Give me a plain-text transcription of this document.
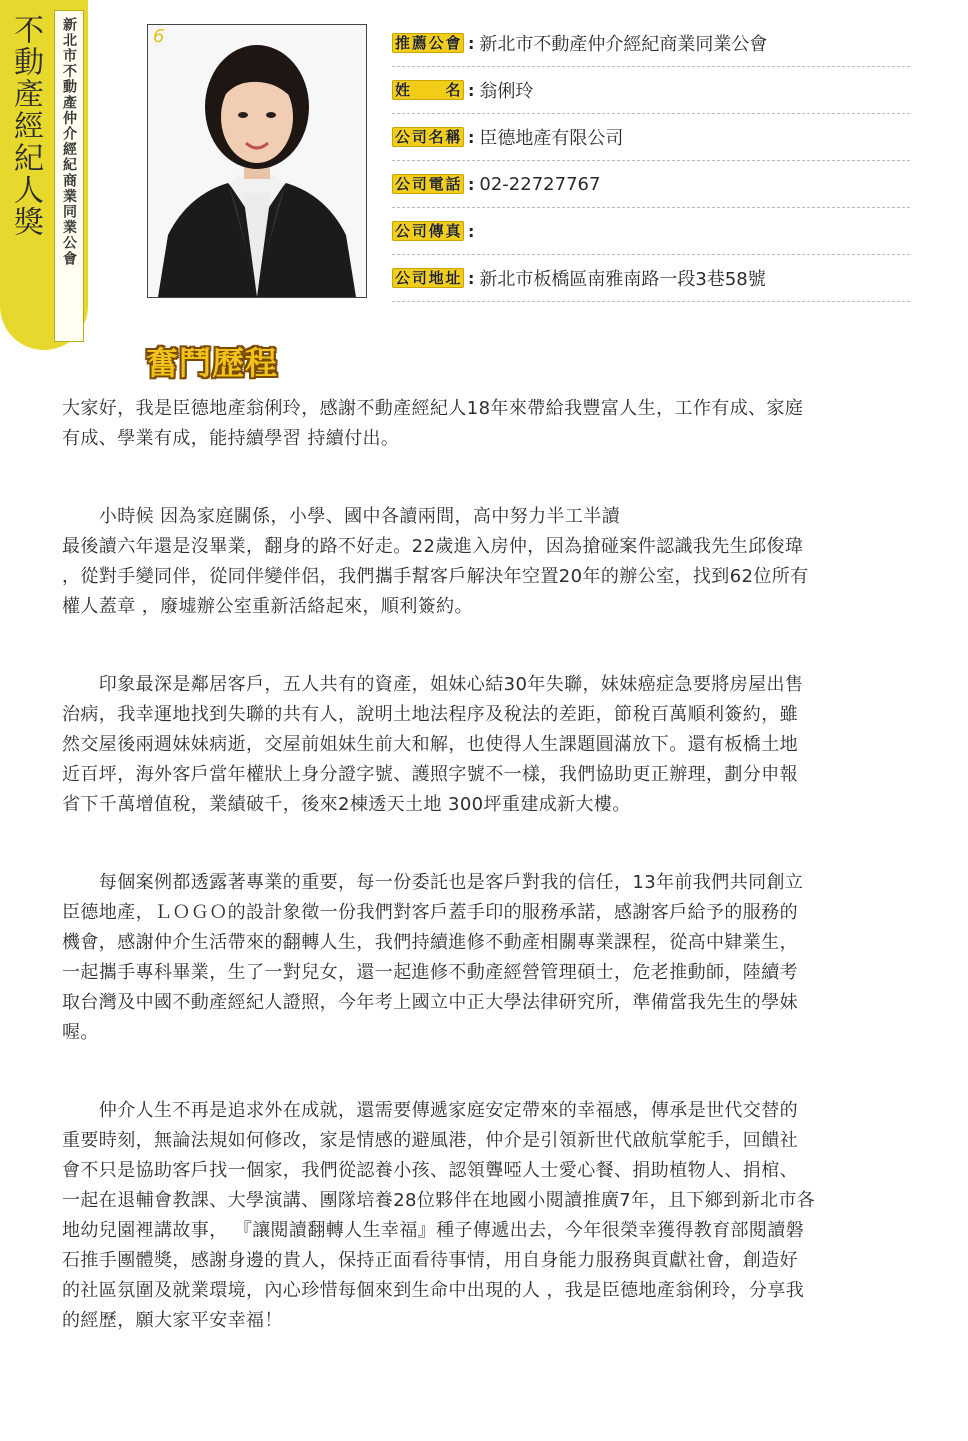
不動產經紀人獎 新北市不動產仲介經紀商業同業公會	6	推薦公會 : 新北市不動產仲介經紀商業同業公會
姓　　名 : 翁俐玲
公司名稱 : 臣德地產有限公司
公司電話 : 02-22727767
公司傳真 :
公司地址 : 新北市板橋區南雅南路一段3巷58號
奮鬥歷程
大家好，我是臣德地產翁俐玲，感謝不動產經紀人18年來帶給我豐富人生，工作有成、家庭
有成、學業有成，能持續學習 持續付出。
　　小時候 因為家庭關係，小學、國中各讀兩間，高中努力半工半讀
最後讀六年還是沒畢業，翻身的路不好走。22歲進入房仲，因為搶碰案件認識我先生邱俊瑋
，從對手變同伴，從同伴變伴侶，我們攜手幫客戶解決年空置20年的辦公室，找到62位所有
權人蓋章 ，廢墟辦公室重新活絡起來，順利簽約。
　　印象最深是鄰居客戶，五人共有的資產，姐妹心結30年失聯，妹妹癌症急要將房屋出售
治病，我幸運地找到失聯的共有人，說明土地法程序及稅法的差距，節稅百萬順利簽約，雖
然交屋後兩週妹妹病逝，交屋前姐妹生前大和解，也使得人生課題圓滿放下。還有板橋土地
近百坪，海外客戶當年權狀上身分證字號、護照字號不一樣，我們協助更正辦理，劃分申報
省下千萬增值稅，業績破千，後來2棟透天土地 300坪重建成新大樓。
　　每個案例都透露著專業的重要，每一份委託也是客戶對我的信任，13年前我們共同創立
臣德地產，ＬＯＧＯ的設計象徵一份我們對客戶蓋手印的服務承諾，感謝客戶給予的服務的
機會，感謝仲介生活帶來的翻轉人生，我們持續進修不動產相關專業課程，從高中肄業生，
一起攜手專科畢業，生了一對兒女，還一起進修不動產經營管理碩士，危老推動師，陸續考
取台灣及中國不動產經紀人證照，今年考上國立中正大學法律研究所，準備當我先生的學妹
喔。
　　仲介人生不再是追求外在成就，還需要傳遞家庭安定帶來的幸福感，傳承是世代交替的
重要時刻，無論法規如何修改，家是情感的避風港，仲介是引領新世代啟航掌舵手，回饋社
會不只是協助客戶找一個家，我們從認養小孩、認領聾啞人士愛心餐、捐助植物人、捐棺、
一起在退輔會教課、大學演講、團隊培養28位夥伴在地國小閱讀推廣7年，且下鄉到新北市各
地幼兒園裡講故事， 『讓閱讀翻轉人生幸福』種子傳遞出去，今年很榮幸獲得教育部閱讀磐
石推手團體獎，感謝身邊的貴人，保持正面看待事情，用自身能力服務與貢獻社會，創造好
的社區氛圍及就業環境，內心珍惜每個來到生命中出現的人 ，我是臣德地產翁俐玲，分享我
的經歷，願大家平安幸福！
